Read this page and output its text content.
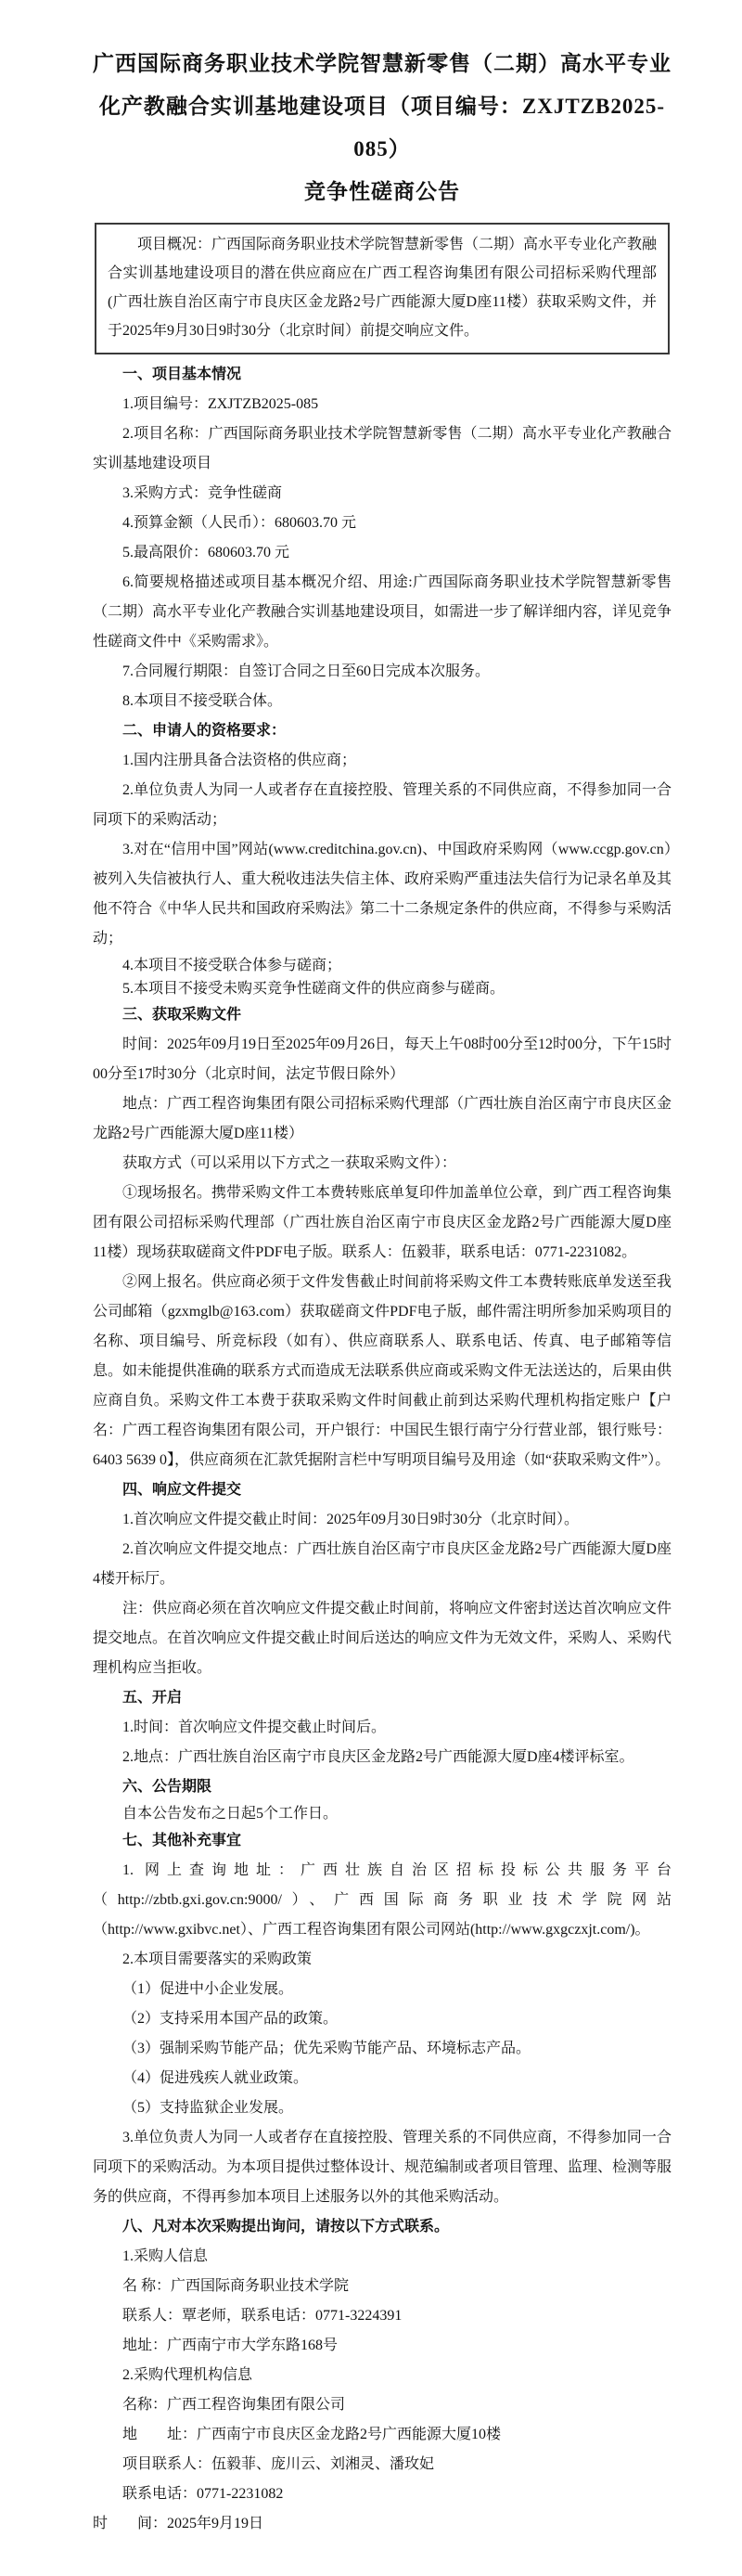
广西国际商务职业技术学院智慧新零售（二期）高水平专业
化产教融合实训基地建设项目（项目编号：ZXJTZB2025-085）
竞争性磋商公告

项目概况：广西国际商务职业技术学院智慧新零售（二期）高水平专业化产教融合实训基地建设项目的潜在供应商应在广西工程咨询集团有限公司招标采购代理部(广西壮族自治区南宁市良庆区金龙路2号广西能源大厦D座11楼）获取采购文件，并于2025年9月30日9时30分（北京时间）前提交响应文件。

一、项目基本情况

1.项目编号：ZXJTZB2025-085

2.项目名称：广西国际商务职业技术学院智慧新零售（二期）高水平专业化产教融合实训基地建设项目

3.采购方式：竞争性磋商

4.预算金额（人民币）：680603.70 元

5.最高限价：680603.70 元

6.简要规格描述或项目基本概况介绍、用途:广西国际商务职业技术学院智慧新零售（二期）高水平专业化产教融合实训基地建设项目，如需进一步了解详细内容，详见竞争性磋商文件中《采购需求》。

7.合同履行期限：自签订合同之日至60日完成本次服务。

8.本项目不接受联合体。

二、申请人的资格要求：

1.国内注册具备合法资格的供应商；

2.单位负责人为同一人或者存在直接控股、管理关系的不同供应商，不得参加同一合同项下的采购活动；

3.对在“信用中国”网站(www.creditchina.gov.cn)、中国政府采购网（www.ccgp.gov.cn）被列入失信被执行人、重大税收违法失信主体、政府采购严重违法失信行为记录名单及其他不符合《中华人民共和国政府采购法》第二十二条规定条件的供应商，不得参与采购活动；

4.本项目不接受联合体参与磋商；

5.本项目不接受未购买竞争性磋商文件的供应商参与磋商。

三、获取采购文件

时间：2025年09月19日至2025年09月26日，每天上午08时00分至12时00分，下午15时00分至17时30分（北京时间，法定节假日除外）

地点：广西工程咨询集团有限公司招标采购代理部（广西壮族自治区南宁市良庆区金龙路2号广西能源大厦D座11楼）

获取方式（可以采用以下方式之一获取采购文件）：

①现场报名。携带采购文件工本费转账底单复印件加盖单位公章，到广西工程咨询集团有限公司招标采购代理部（广西壮族自治区南宁市良庆区金龙路2号广西能源大厦D座11楼）现场获取磋商文件PDF电子版。联系人：伍毅菲，联系电话：0771-2231082。

②网上报名。供应商必须于文件发售截止时间前将采购文件工本费转账底单发送至我公司邮箱（gzxmglb@163.com）获取磋商文件PDF电子版，邮件需注明所参加采购项目的名称、项目编号、所竞标段（如有）、供应商联系人、联系电话、传真、电子邮箱等信息。如未能提供准确的联系方式而造成无法联系供应商或采购文件无法送达的，后果由供应商自负。采购文件工本费于获取采购文件时间截止前到达采购代理机构指定账户【户名：广西工程咨询集团有限公司，开户银行：中国民生银行南宁分行营业部，银行账号：6403 5639 0】，供应商须在汇款凭据附言栏中写明项目编号及用途（如“获取采购文件”）。

四、响应文件提交

1.首次响应文件提交截止时间：2025年09月30日9时30分（北京时间）。

2.首次响应文件提交地点：广西壮族自治区南宁市良庆区金龙路2号广西能源大厦D座4楼开标厅。

注：供应商必须在首次响应文件提交截止时间前，将响应文件密封送达首次响应文件提交地点。在首次响应文件提交截止时间后送达的响应文件为无效文件，采购人、采购代理机构应当拒收。

五、开启

1.时间：首次响应文件提交截止时间后。

2.地点：广西壮族自治区南宁市良庆区金龙路2号广西能源大厦D座4楼评标室。

六、公告期限

自本公告发布之日起5个工作日。

七、其他补充事宜

1. 网上查询地址：广西壮族自治区招标投标公共服务平台（http://zbtb.gxi.gov.cn:9000/）、广西国际商务职业技术学院网站（http://www.gxibvc.net）、广西工程咨询集团有限公司网站(http://www.gxgczxjt.com/)。

2.本项目需要落实的采购政策

（1）促进中小企业发展。

（2）支持采用本国产品的政策。

（3）强制采购节能产品；优先采购节能产品、环境标志产品。

（4）促进残疾人就业政策。

（5）支持监狱企业发展。

3.单位负责人为同一人或者存在直接控股、管理关系的不同供应商，不得参加同一合同项下的采购活动。为本项目提供过整体设计、规范编制或者项目管理、监理、检测等服务的供应商，不得再参加本项目上述服务以外的其他采购活动。

八、凡对本次采购提出询问，请按以下方式联系。

1.采购人信息

名 称：广西国际商务职业技术学院

联系人：覃老师，联系电话：0771-3224391

地址：广西南宁市大学东路168号

2.采购代理机构信息

名称：广西工程咨询集团有限公司

地　　址：广西南宁市良庆区金龙路2号广西能源大厦10楼

项目联系人：伍毅菲、庞川云、刘湘灵、潘玫妃

联系电话：0771-2231082

时　　间：2025年9月19日
